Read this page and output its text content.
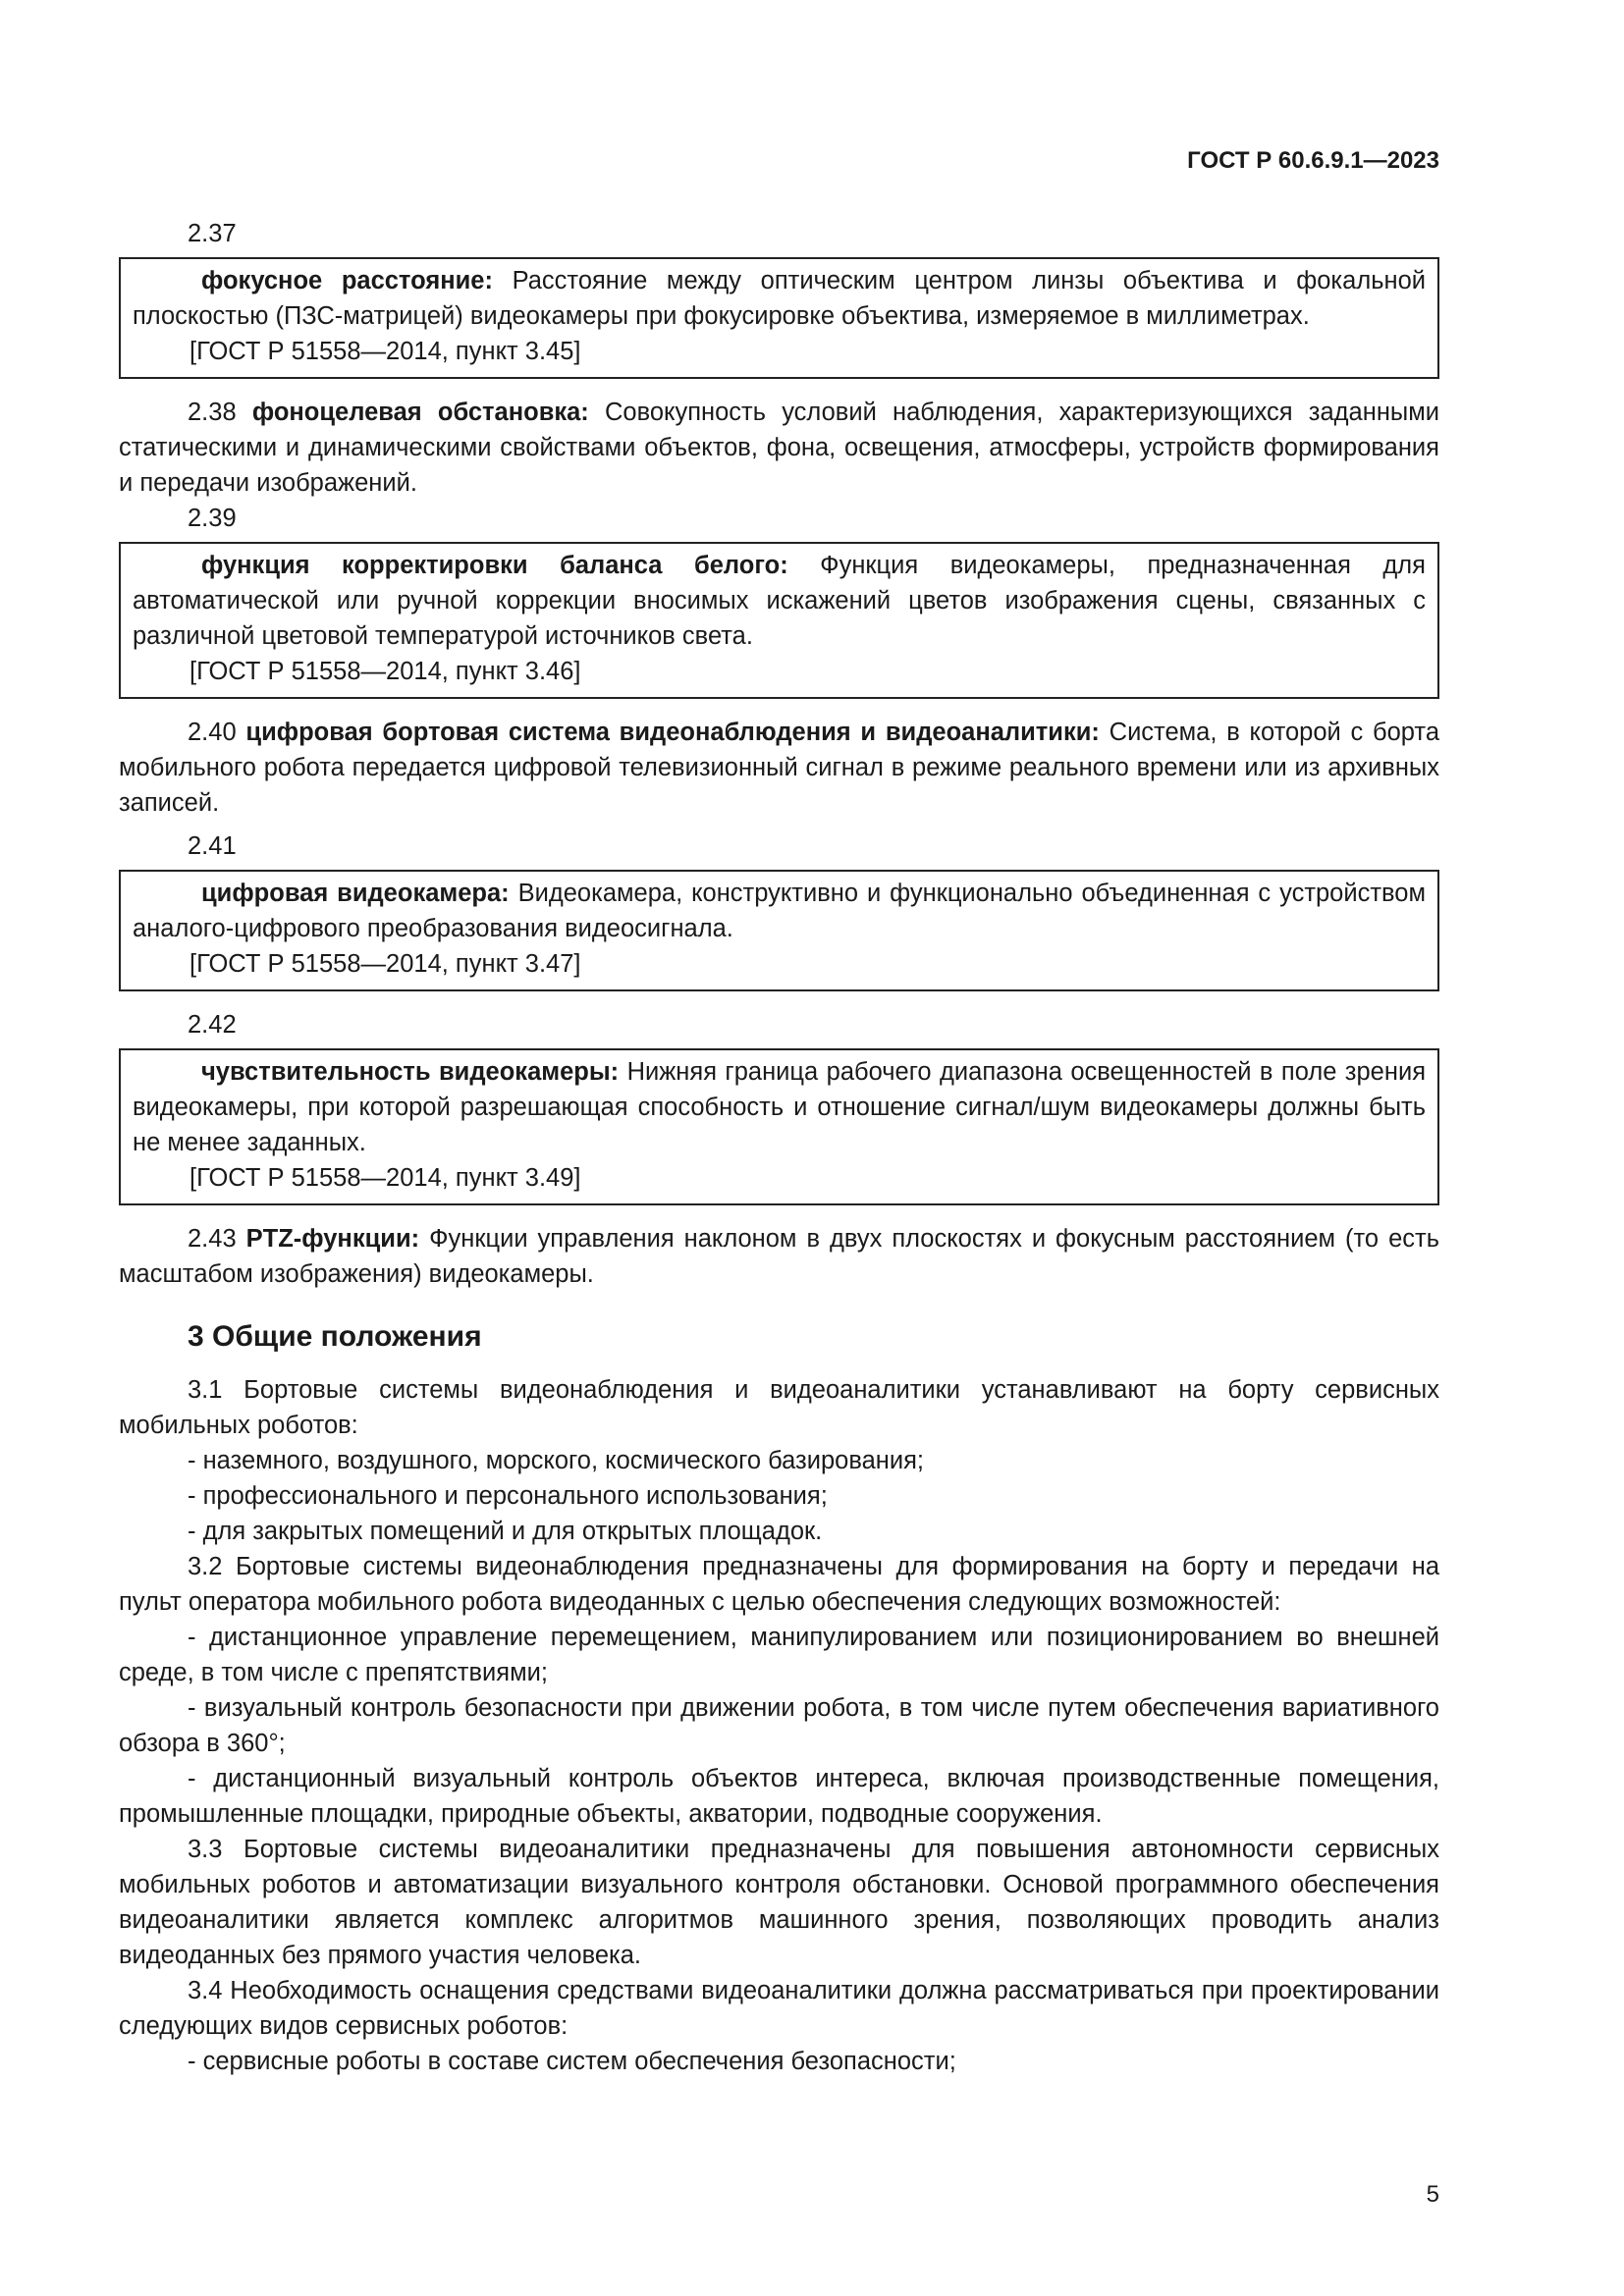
ГОСТ Р 60.6.9.1—2023

2.37

фокусное расстояние: Расстояние между оптическим центром линзы объектива и фокальной плоскостью (ПЗС-матрицей) видеокамеры при фокусировке объектива, измеряемое в миллиметрах.

[ГОСТ Р 51558—2014, пункт 3.45]

2.38 фоноцелевая обстановка: Совокупность условий наблюдения, характеризующихся заданными статическими и динамическими свойствами объектов, фона, освещения, атмосферы, устройств формирования и передачи изображений.

2.39

функция корректировки баланса белого: Функция видеокамеры, предназначенная для автоматической или ручной коррекции вносимых искажений цветов изображения сцены, связанных с различной цветовой температурой источников света.

[ГОСТ Р 51558—2014, пункт 3.46]

2.40 цифровая бортовая система видеонаблюдения и видеоаналитики: Система, в которой с борта мобильного робота передается цифровой телевизионный сигнал в режиме реального времени или из архивных записей.

2.41

цифровая видеокамера: Видеокамера, конструктивно и функционально объединенная с устройством аналого-цифрового преобразования видеосигнала.

[ГОСТ Р 51558—2014, пункт 3.47]

2.42

чувствительность видеокамеры: Нижняя граница рабочего диапазона освещенностей в поле зрения видеокамеры, при которой разрешающая способность и отношение сигнал/шум видеокамеры должны быть не менее заданных.

[ГОСТ Р 51558—2014, пункт 3.49]

2.43 PTZ-функции: Функции управления наклоном в двух плоскостях и фокусным расстоянием (то есть масштабом изображения) видеокамеры.

3 Общие положения

3.1 Бортовые системы видеонаблюдения и видеоаналитики устанавливают на борту сервисных мобильных роботов:

- наземного, воздушного, морского, космического базирования;

- профессионального и персонального использования;

- для закрытых помещений и для открытых площадок.

3.2 Бортовые системы видеонаблюдения предназначены для формирования на борту и передачи на пульт оператора мобильного робота видеоданных с целью обеспечения следующих возможностей:

- дистанционное управление перемещением, манипулированием или позиционированием во внешней среде, в том числе с препятствиями;

- визуальный контроль безопасности при движении робота, в том числе путем обеспечения вариативного обзора в 360°;

- дистанционный визуальный контроль объектов интереса, включая производственные помещения, промышленные площадки, природные объекты, акватории, подводные сооружения.

3.3 Бортовые системы видеоаналитики предназначены для повышения автономности сервисных мобильных роботов и автоматизации визуального контроля обстановки. Основой программного обеспечения видеоаналитики является комплекс алгоритмов машинного зрения, позволяющих проводить анализ видеоданных без прямого участия человека.

3.4 Необходимость оснащения средствами видеоаналитики должна рассматриваться при проектировании следующих видов сервисных роботов:

- сервисные роботы в составе систем обеспечения безопасности;

5
